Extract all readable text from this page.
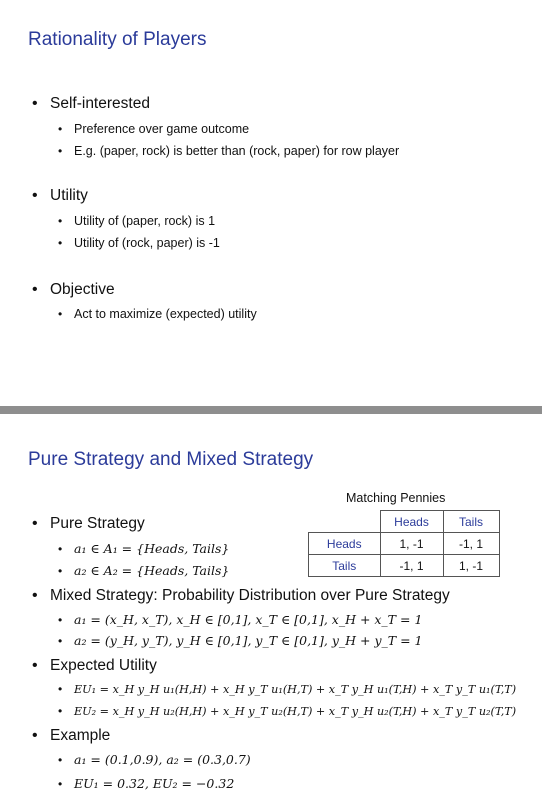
Rationality of Players
• Self-interested
• Preference over game outcome
• E.g. (paper, rock) is better than (rock, paper) for row player
• Utility
• Utility of (paper, rock) is 1
• Utility of (rock, paper) is -1
• Objective
• Act to maximize (expected) utility
Pure Strategy and Mixed Strategy
Matching Pennies
	Heads	Tails
Heads	1, -1	-1, 1
Tails	-1, 1	1, -1
• Pure Strategy
• a₁ ∈ A₁ = {Heads, Tails}
• a₂ ∈ A₂ = {Heads, Tails}
• Mixed Strategy: Probability Distribution over Pure Strategy
• a₁ = (x_H, x_T), x_H ∈ [0,1], x_T ∈ [0,1], x_H + x_T = 1
• a₂ = (y_H, y_T), y_H ∈ [0,1], y_T ∈ [0,1], y_H + y_T = 1
• Expected Utility
• EU₁ = x_H y_H u₁(H,H) + x_H y_T u₁(H,T) + x_T y_H u₁(T,H) + x_T y_T u₁(T,T)
• EU₂ = x_H y_H u₂(H,H) + x_H y_T u₂(H,T) + x_T y_H u₂(T,H) + x_T y_T u₂(T,T)
• Example
• a₁ = (0.1,0.9), a₂ = (0.3,0.7)
• EU₁ = 0.32, EU₂ = −0.32
